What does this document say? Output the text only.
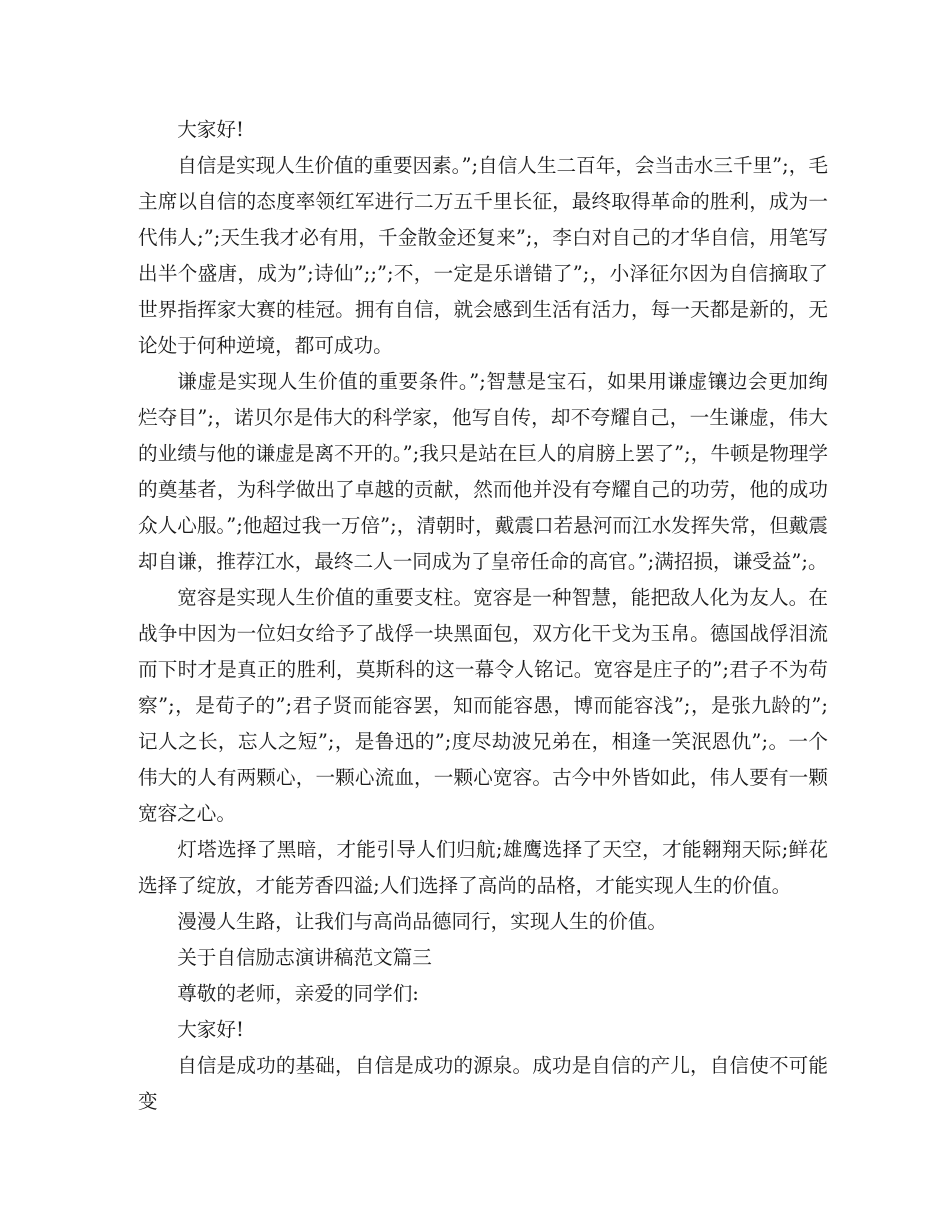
大家好!

自信是实现人生价值的重要因素。”;自信人生二百年，会当击水三千里”;，毛主席以自信的态度率领红军进行二万五千里长征，最终取得革命的胜利，成为一代伟人;”;天生我才必有用，千金散金还复来”;，李白对自己的才华自信，用笔写出半个盛唐，成为”;诗仙”;;”;不，一定是乐谱错了”;，小泽征尔因为自信摘取了世界指挥家大赛的桂冠。拥有自信，就会感到生活有活力，每一天都是新的，无论处于何种逆境，都可成功。

谦虚是实现人生价值的重要条件。”;智慧是宝石，如果用谦虚镶边会更加绚烂夺目”;，诺贝尔是伟大的科学家，他写自传，却不夸耀自己，一生谦虚，伟大的业绩与他的谦虚是离不开的。”;我只是站在巨人的肩膀上罢了”;，牛顿是物理学的奠基者，为科学做出了卓越的贡献，然而他并没有夸耀自己的功劳，他的成功众人心服。”;他超过我一万倍”;，清朝时，戴震口若悬河而江水发挥失常，但戴震却自谦，推荐江水，最终二人一同成为了皇帝任命的高官。”;满招损，谦受益”;。

宽容是实现人生价值的重要支柱。宽容是一种智慧，能把敌人化为友人。在战争中因为一位妇女给予了战俘一块黑面包，双方化干戈为玉帛。德国战俘泪流而下时才是真正的胜利，莫斯科的这一幕令人铭记。宽容是庄子的”;君子不为苟察”;，是荀子的”;君子贤而能容罢，知而能容愚，博而能容浅”;，是张九龄的”;记人之长，忘人之短”;，是鲁迅的”;度尽劫波兄弟在，相逢一笑泯恩仇”;。一个伟大的人有两颗心，一颗心流血，一颗心宽容。古今中外皆如此，伟人要有一颗宽容之心。

灯塔选择了黑暗，才能引导人们归航;雄鹰选择了天空，才能翱翔天际;鲜花选择了绽放，才能芳香四溢;人们选择了高尚的品格，才能实现人生的价值。

漫漫人生路，让我们与高尚品德同行，实现人生的价值。

关于自信励志演讲稿范文篇三

尊敬的老师，亲爱的同学们:

大家好!

自信是成功的基础，自信是成功的源泉。成功是自信的产儿，自信使不可能变
